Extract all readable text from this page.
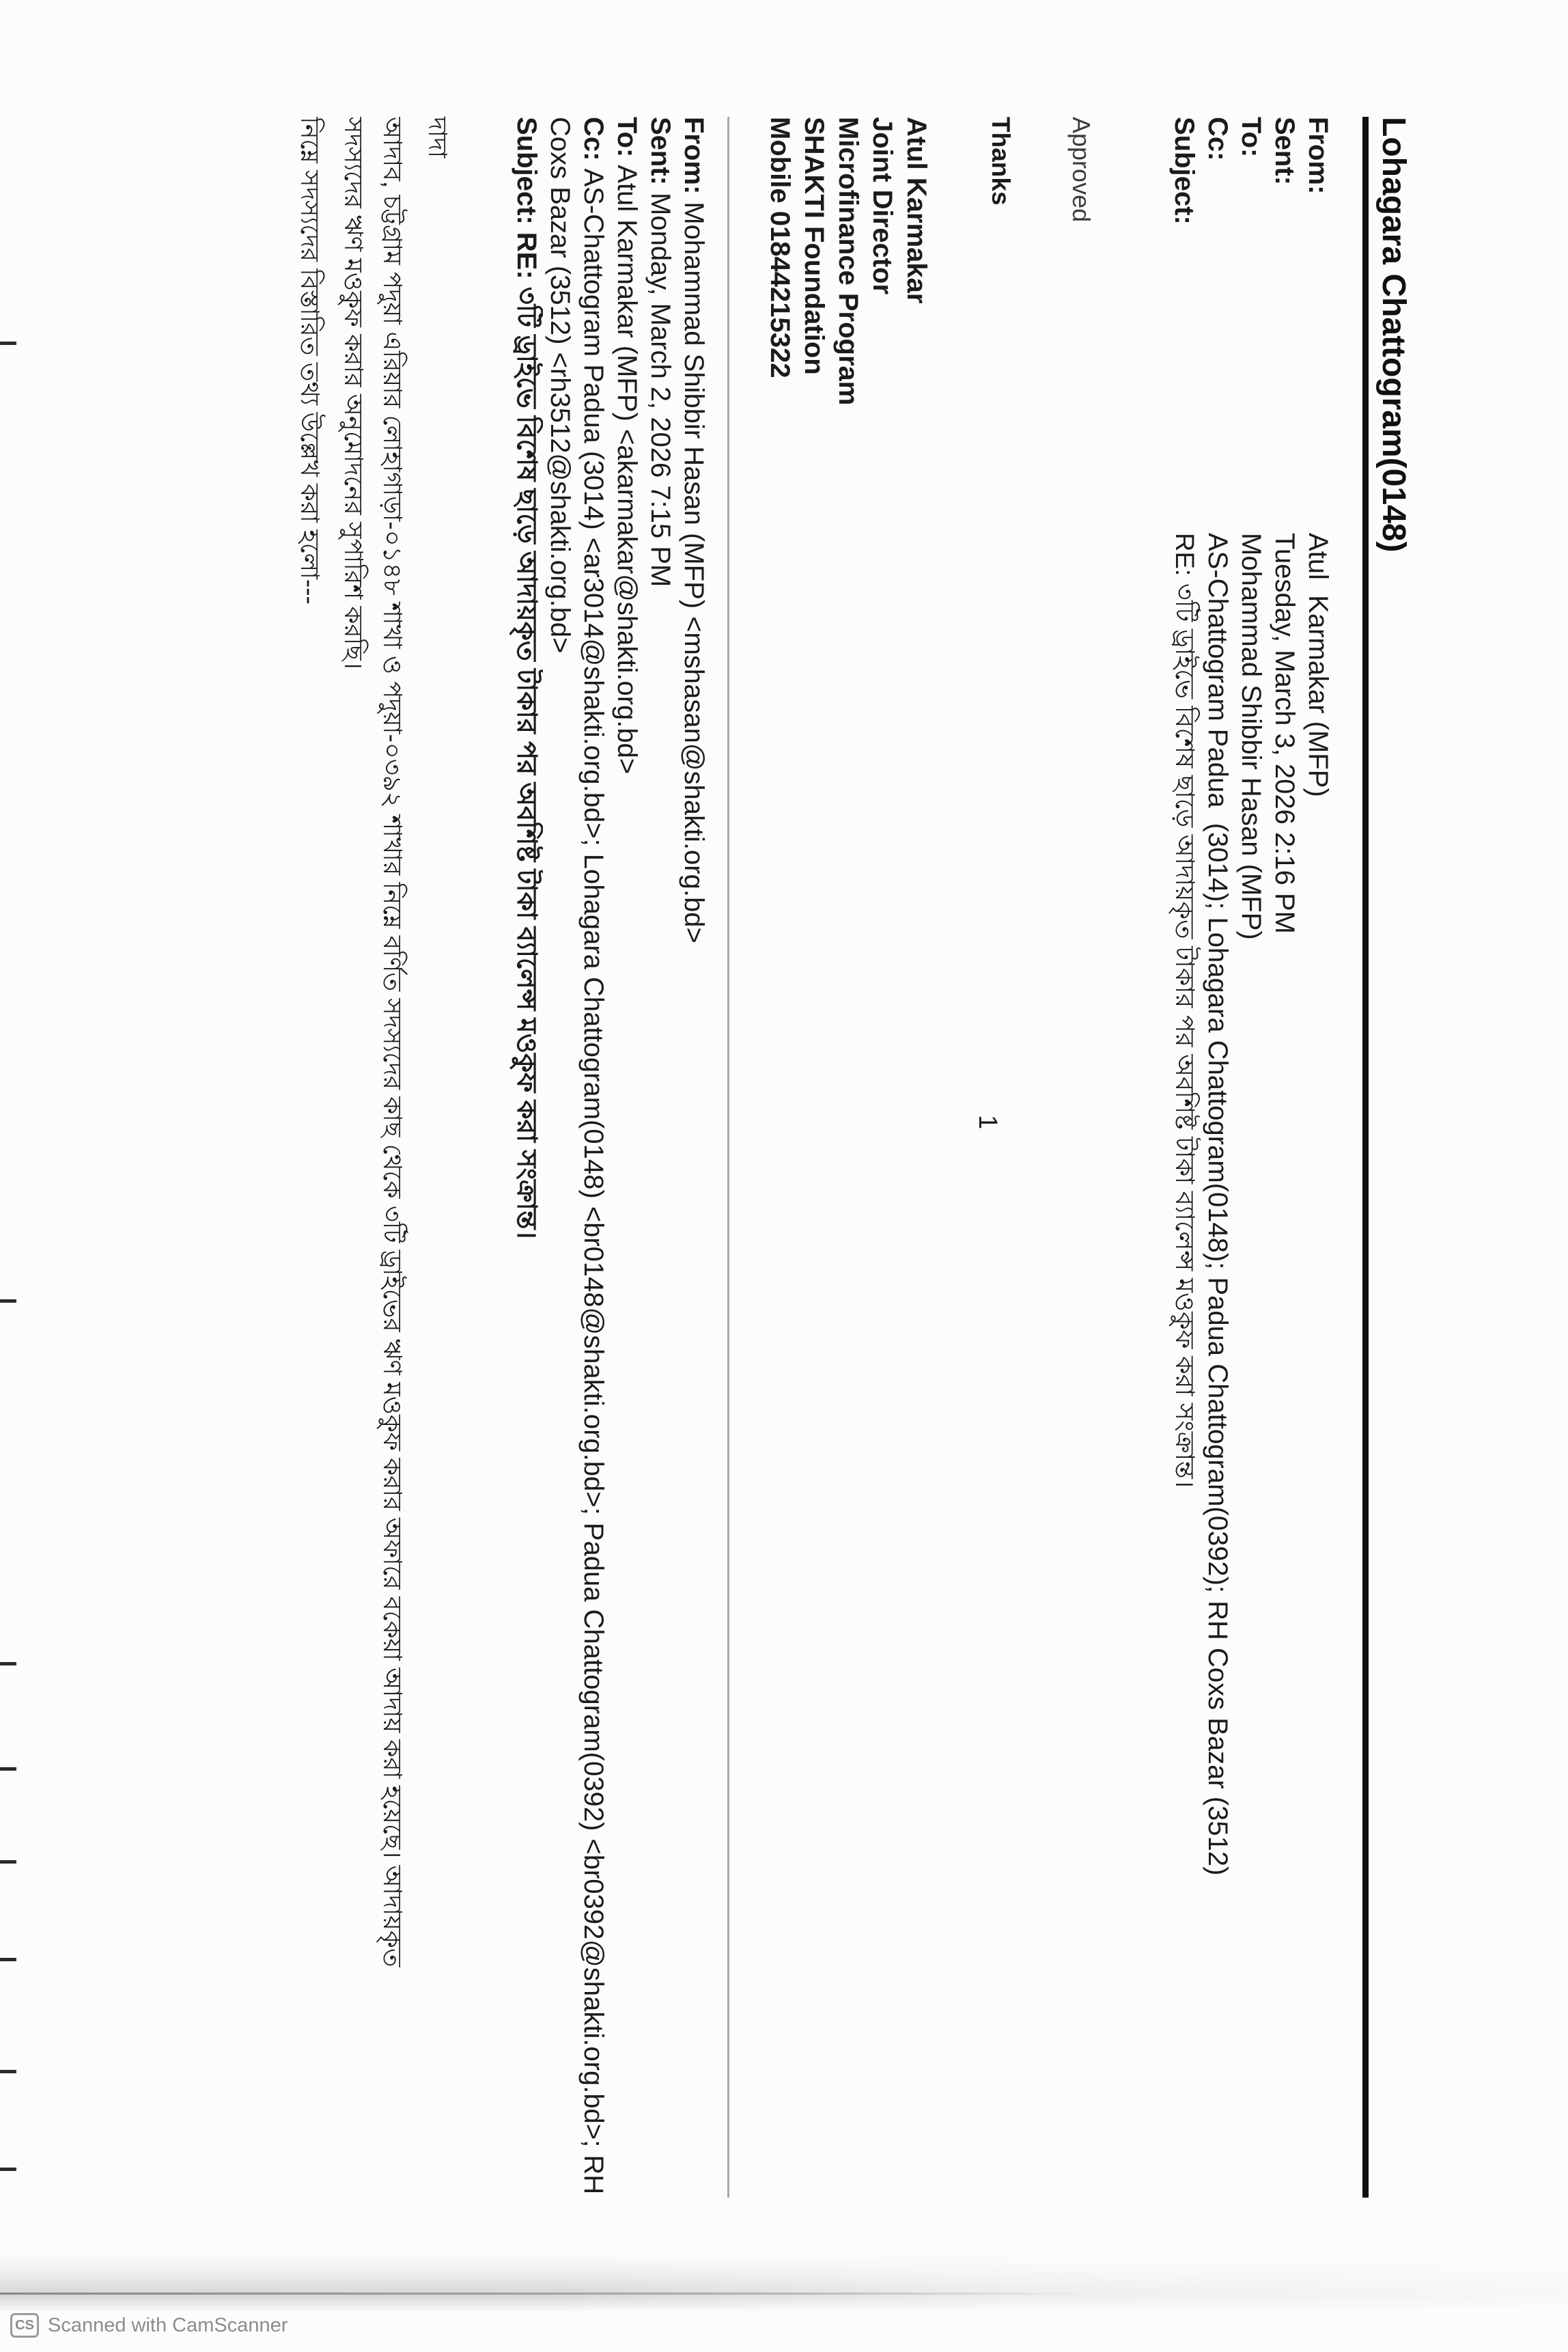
Lohagara Chattogram(0148)
From:
Atul  Karmakar (MFP)
Sent:
Tuesday, March 3, 2026 2:16 PM
To:
Mohammad Shibbir Hasan (MFP)
Cc:
AS-Chattogram Padua  (3014); Lohagara Chattogram(0148); Padua Chattogram(0392); RH Coxs Bazar (3512)
Subject:
RE: ৩টি ড্রাইভে বিশেষ ছাড়ে আদায়কৃত টাকার পর অবশিষ্ট টাকা ব্যালেন্স মওকুফ করা সংক্রান্ত।
Approved
Thanks
1
Atul Karmakar
Joint Director
Microfinance Program
SHAKTI Foundation
Mobile 01844215322
From:Mohammad Shibbir Hasan (MFP) <mshasan@shakti.org.bd>
Sent:Monday, March 2, 2026 7:15 PM
To:Atul Karmakar (MFP) <akarmakar@shakti.org.bd>
Cc:AS-Chattogram Padua (3014) <ar3014@shakti.org.bd>; Lohagara Chattogram(0148) <br0148@shakti.org.bd>; Padua Chattogram(0392) <br0392@shakti.org.bd>; RH
Coxs Bazar (3512) <rh3512@shakti.org.bd>
Subject:RE: ৩টি ড্রাইভে বিশেষ ছাড়ে আদায়কৃত টাকার পর অবশিষ্ট টাকা ব্যালেন্স মওকুফ করা সংক্রান্ত।
দাদা
আদাব, চট্টগ্রাম পদুয়া এরিয়ার লোহাগাড়া-০১৪৮ শাখা ও পদুয়া-০৩৯২ শাখার নিম্নে বর্ণিত সদস্যদের কাছ থেকে ৩টি ড্রাইভের ঋণ মওকুফ করার অফারে বকেয়া আদায় করা হয়েছে। আদায়কৃত
সদস্যদের ঋণ মওকুফ করার অনুমোদনের সুপারিশ করছি।
নিম্নে সদস্যদের বিস্তারিত তথ্য উল্লেখ করা হলো---
CS Scanned with CamScanner
